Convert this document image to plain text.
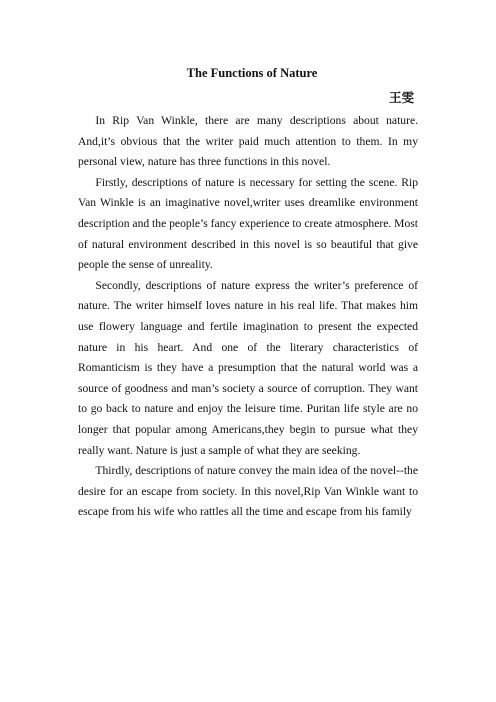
The Functions of Nature
王雯

In Rip Van Winkle, there are many descriptions about nature. And,it’s obvious that the writer paid much attention to them. In my personal view, nature has three functions in this novel.

Firstly, descriptions of nature is necessary for setting the scene. Rip Van Winkle is an imaginative novel,writer uses dreamlike environment description and the people’s fancy experience to create atmosphere. Most of natural environment described in this novel is so beautiful that give people the sense of unreality.

Secondly, descriptions of nature express the writer’s preference of nature. The writer himself loves nature in his real life. That makes him use flowery language and fertile imagination to present the expected nature in his heart. And one of the literary characteristics of Romanticism is they have a presumption that the natural world was a source of goodness and man’s society a source of corruption. They want to go back to nature and enjoy the leisure time. Puritan life style are no longer that popular among Americans,they begin to pursue what they really want. Nature is just a sample of what they are seeking.

Thirdly, descriptions of nature convey the main idea of the novel--the desire for an escape from society. In this novel,Rip Van Winkle want to escape from his wife who rattles all the time and escape from his family
